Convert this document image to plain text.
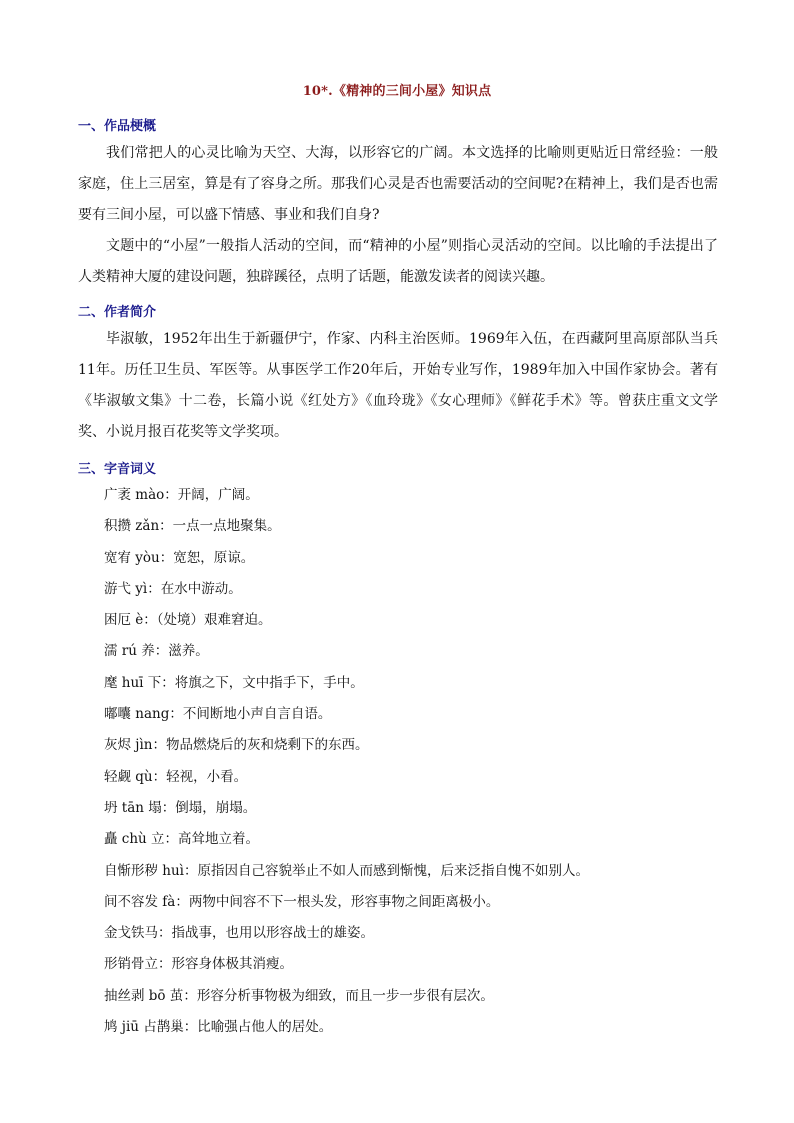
10*.《精神的三间小屋》知识点
一、作品梗概

我们常把人的心灵比喻为天空、大海，以形容它的广阔。本文选择的比喻则更贴近日常经验：一般家庭，住上三居室，算是有了容身之所。那我们心灵是否也需要活动的空间呢?在精神上，我们是否也需要有三间小屋，可以盛下情感、事业和我们自身?

文题中的“小屋”一般指人活动的空间，而“精神的小屋”则指心灵活动的空间。以比喻的手法提出了人类精神大厦的建设问题，独辟蹊径，点明了话题，能激发读者的阅读兴趣。

二、作者简介

毕淑敏，1952年出生于新疆伊宁，作家、内科主治医师。1969年入伍，在西藏阿里高原部队当兵11年。历任卫生员、军医等。从事医学工作20年后，开始专业写作，1989年加入中国作家协会。著有《毕淑敏文集》十二卷，长篇小说《红处方》《血玲珑》《女心理师》《鲜花手术》等。曾获庄重文文学奖、小说月报百花奖等文学奖项。

三、字音词义
广袤 mào：开阔，广阔。
积攒 zǎn：一点一点地聚集。
宽宥 yòu：宽恕，原谅。
游弋 yì：在水中游动。
困厄 è：（处境）艰难窘迫。
濡 rú 养：滋养。
麾 huī 下：将旗之下，文中指手下，手中。
嘟囔 nang：不间断地小声自言自语。
灰烬 jìn：物品燃烧后的灰和烧剩下的东西。
轻觑 qù：轻视，小看。
坍 tān 塌：倒塌，崩塌。
矗 chù 立：高耸地立着。
自惭形秽 huì：原指因自己容貌举止不如人而感到惭愧，后来泛指自愧不如别人。
间不容发 fà：两物中间容不下一根头发，形容事物之间距离极小。
金戈铁马：指战事，也用以形容战士的雄姿。
形销骨立：形容身体极其消瘦。
抽丝剥 bō 茧：形容分析事物极为细致，而且一步一步很有层次。
鸠 jiū 占鹊巢：比喻强占他人的居处。
